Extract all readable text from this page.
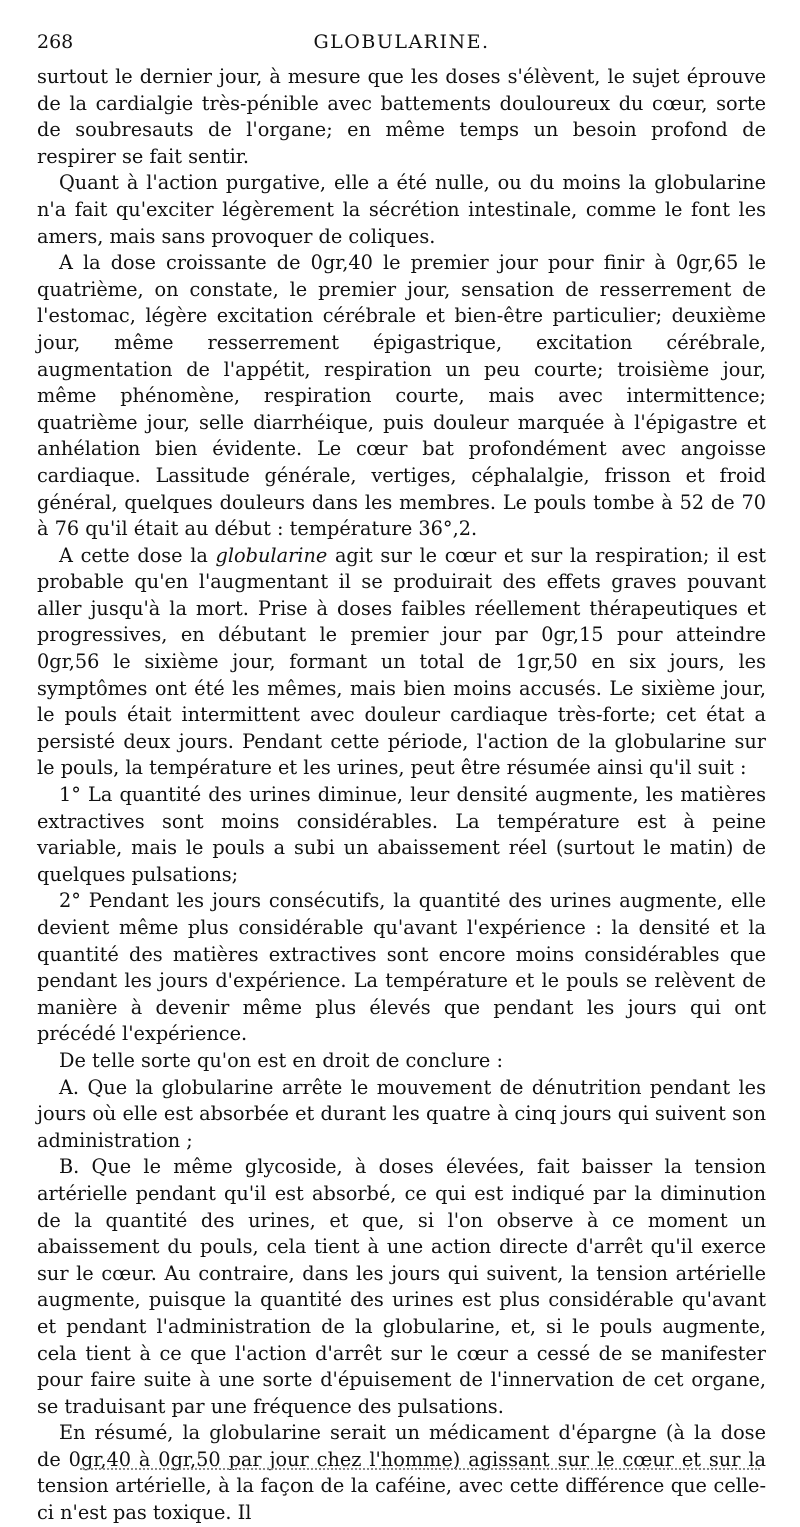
268	GLOBULARINE.

surtout le dernier jour, à mesure que les doses s'élèvent, le sujet éprouve de la cardialgie très-pénible avec battements douloureux du cœur, sorte de soubresauts de l'organe; en même temps un besoin profond de respirer se fait sentir.

Quant à l'action purgative, elle a été nulle, ou du moins la globularine n'a fait qu'exciter légèrement la sécrétion intestinale, comme le font les amers, mais sans provoquer de coliques.

A la dose croissante de 0gr,40 le premier jour pour finir à 0gr,65 le quatrième, on constate, le premier jour, sensation de resserrement de l'estomac, légère excitation cérébrale et bien-être particulier; deuxième jour, même resserrement épigastrique, excitation cérébrale, augmentation de l'appétit, respiration un peu courte; troisième jour, même phénomène, respiration courte, mais avec intermittence; quatrième jour, selle diarrhéique, puis douleur marquée à l'épigastre et anhélation bien évidente. Le cœur bat profondément avec angoisse cardiaque. Lassitude générale, vertiges, céphalalgie, frisson et froid général, quelques douleurs dans les membres. Le pouls tombe à 52 de 70 à 76 qu'il était au début : température 36°,2.

A cette dose la globularine agit sur le cœur et sur la respiration; il est probable qu'en l'augmentant il se produirait des effets graves pouvant aller jusqu'à la mort. Prise à doses faibles réellement thérapeutiques et progressives, en débutant le premier jour par 0gr,15 pour atteindre 0gr,56 le sixième jour, formant un total de 1gr,50 en six jours, les symptômes ont été les mêmes, mais bien moins accusés. Le sixième jour, le pouls était intermittent avec douleur cardiaque très-forte; cet état a persisté deux jours. Pendant cette période, l'action de la globularine sur le pouls, la température et les urines, peut être résumée ainsi qu'il suit :

1° La quantité des urines diminue, leur densité augmente, les matières extractives sont moins considérables. La température est à peine variable, mais le pouls a subi un abaissement réel (surtout le matin) de quelques pulsations;

2° Pendant les jours consécutifs, la quantité des urines augmente, elle devient même plus considérable qu'avant l'expérience : la densité et la quantité des matières extractives sont encore moins considérables que pendant les jours d'expérience. La température et le pouls se relèvent de manière à devenir même plus élevés que pendant les jours qui ont précédé l'expérience.

De telle sorte qu'on est en droit de conclure :

A. Que la globularine arrête le mouvement de dénutrition pendant les jours où elle est absorbée et durant les quatre à cinq jours qui suivent son administration ;

B. Que le même glycoside, à doses élevées, fait baisser la tension artérielle pendant qu'il est absorbé, ce qui est indiqué par la diminution de la quantité des urines, et que, si l'on observe à ce moment un abaissement du pouls, cela tient à une action directe d'arrêt qu'il exerce sur le cœur. Au contraire, dans les jours qui suivent, la tension artérielle augmente, puisque la quantité des urines est plus considérable qu'avant et pendant l'administration de la globularine, et, si le pouls augmente, cela tient à ce que l'action d'arrêt sur le cœur a cessé de se manifester pour faire suite à une sorte d'épuisement de l'innervation de cet organe, se traduisant par une fréquence des pulsations.

En résumé, la globularine serait un médicament d'épargne (à la dose de 0gr,40 à 0gr,50 par jour chez l'homme) agissant sur le cœur et sur la tension artérielle, à la façon de la caféine, avec cette différence que celle-ci n'est pas toxique. Il
